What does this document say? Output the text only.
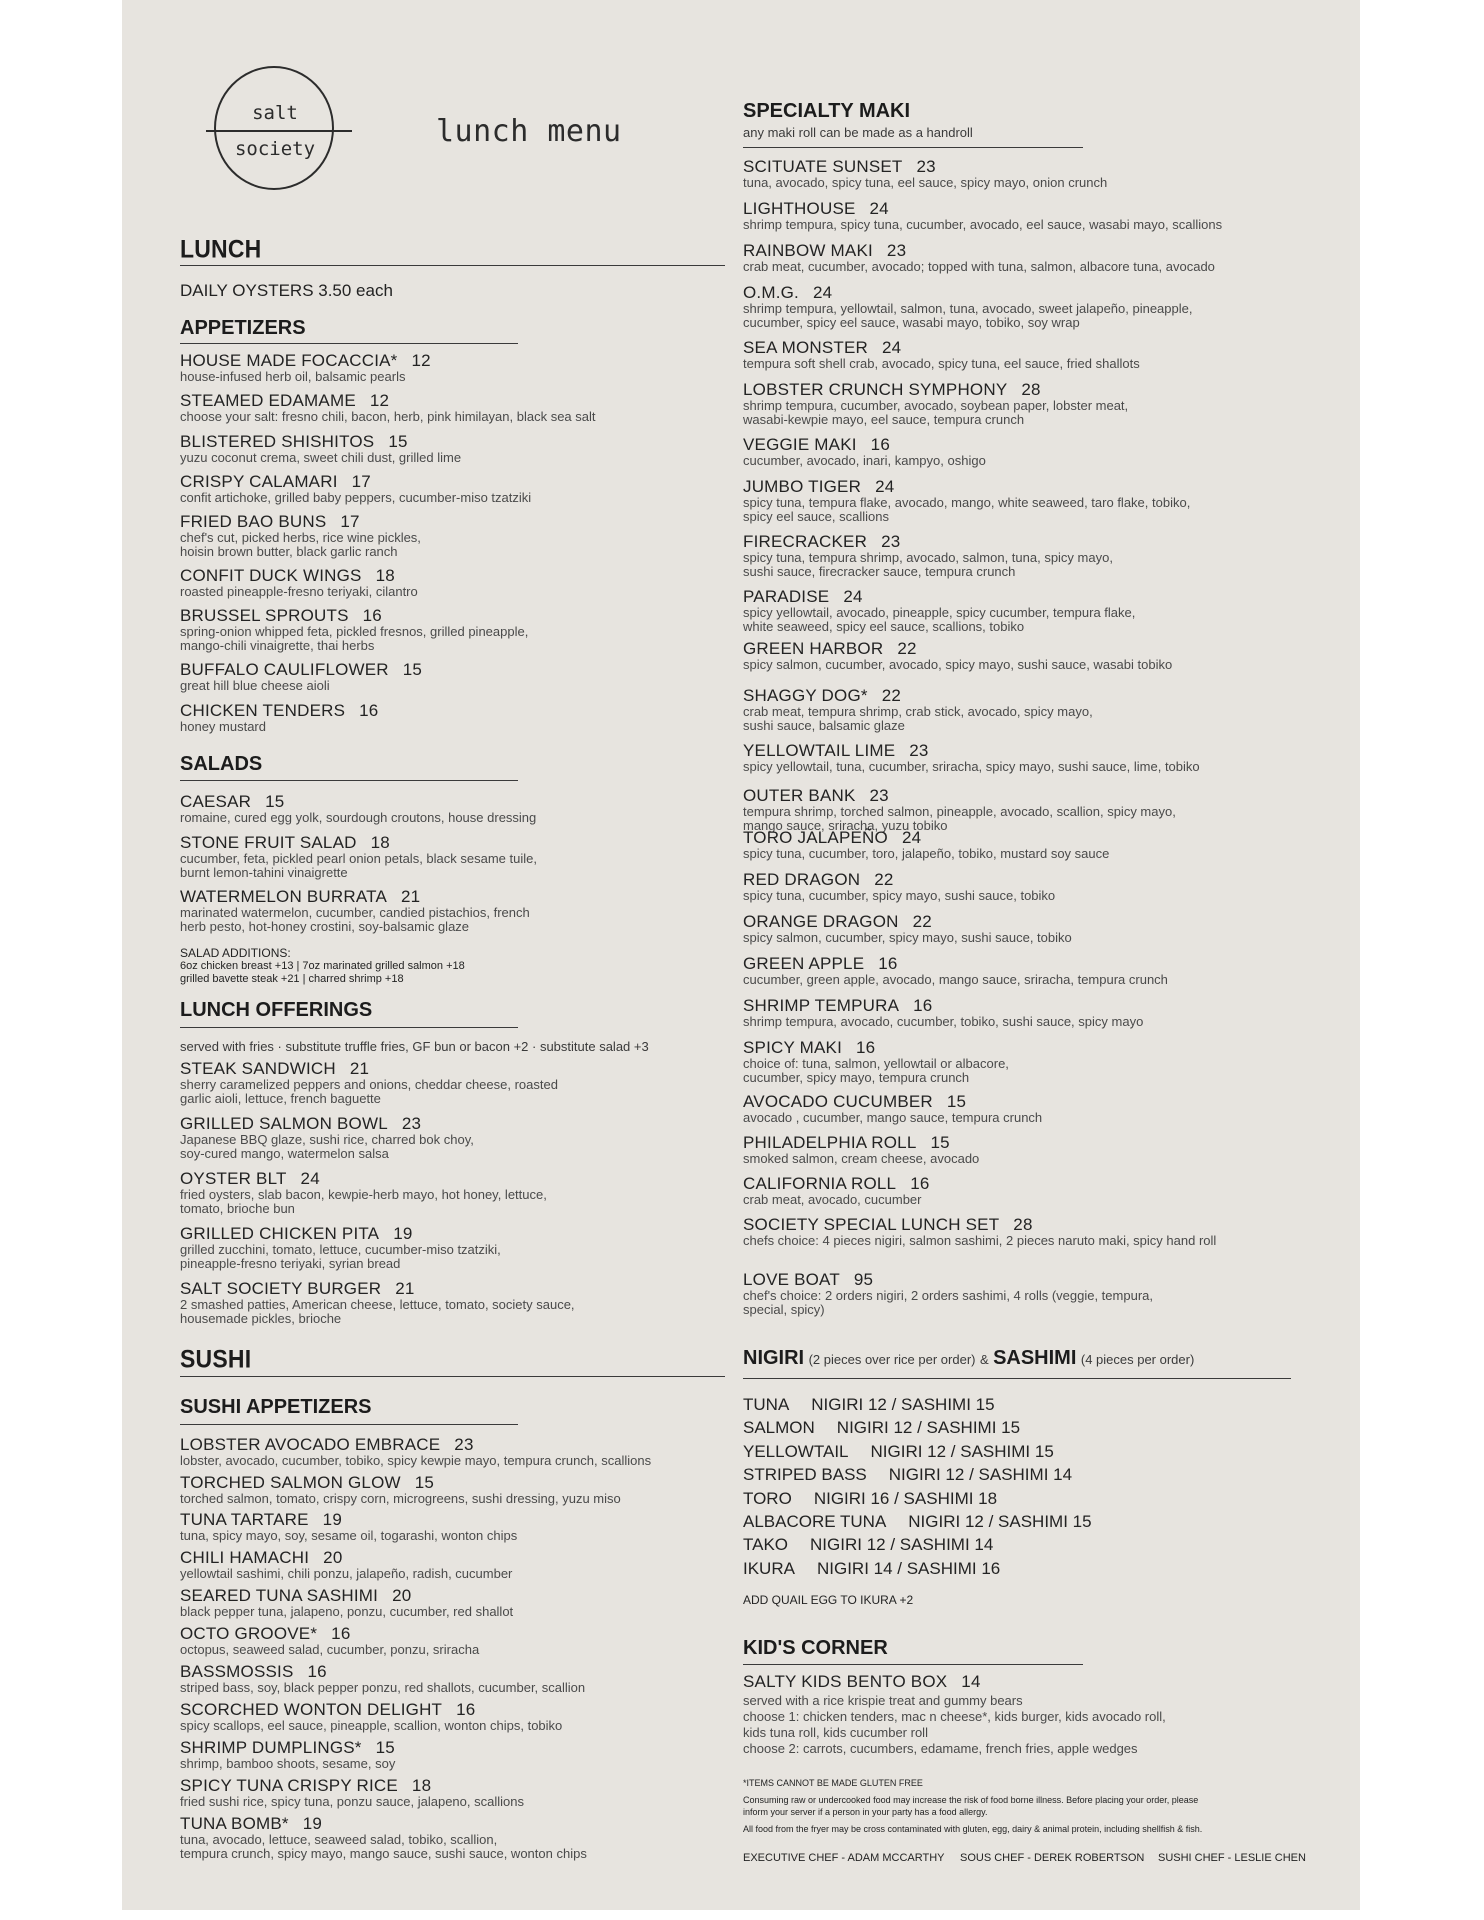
salt
society	lunch menu
LUNCH
DAILY OYSTERS 3.50 each
APPETIZERS
HOUSE MADE FOCACCIA* 12
house-infused herb oil, balsamic pearls
STEAMED EDAMAME 12
choose your salt: fresno chili, bacon, herb, pink himilayan, black sea salt
BLISTERED SHISHITOS 15
yuzu coconut crema, sweet chili dust, grilled lime
CRISPY CALAMARI 17
confit artichoke, grilled baby peppers, cucumber-miso tzatziki
FRIED BAO BUNS 17
chef's cut, picked herbs, rice wine pickles,
hoisin brown butter, black garlic ranch
CONFIT DUCK WINGS 18
roasted pineapple-fresno teriyaki, cilantro
BRUSSEL SPROUTS 16
spring-onion whipped feta, pickled fresnos, grilled pineapple,
mango-chili vinaigrette, thai herbs
BUFFALO CAULIFLOWER 15
great hill blue cheese aioli
CHICKEN TENDERS 16
honey mustard
SALADS
CAESAR 15
romaine, cured egg yolk, sourdough croutons, house dressing
STONE FRUIT SALAD 18
cucumber, feta, pickled pearl onion petals, black sesame tuile,
burnt lemon-tahini vinaigrette
WATERMELON BURRATA 21
marinated watermelon, cucumber, candied pistachios, french
herb pesto, hot-honey crostini, soy-balsamic glaze
SALAD ADDITIONS:
6oz chicken breast +13 | 7oz marinated grilled salmon +18
grilled bavette steak +21 | charred shrimp +18
LUNCH OFFERINGS
served with fries · substitute truffle fries, GF bun or bacon +2 · substitute salad +3
STEAK SANDWICH 21
sherry caramelized peppers and onions, cheddar cheese, roasted
garlic aioli, lettuce, french baguette
GRILLED SALMON BOWL 23
Japanese BBQ glaze, sushi rice, charred bok choy,
soy-cured mango, watermelon salsa
OYSTER BLT 24
fried oysters, slab bacon, kewpie-herb mayo, hot honey, lettuce,
tomato, brioche bun
GRILLED CHICKEN PITA 19
grilled zucchini, tomato, lettuce, cucumber-miso tzatziki,
pineapple-fresno teriyaki, syrian bread
SALT SOCIETY BURGER 21
2 smashed patties, American cheese, lettuce, tomato, society sauce,
housemade pickles, brioche
SUSHI
SUSHI APPETIZERS
LOBSTER AVOCADO EMBRACE 23
lobster, avocado, cucumber, tobiko, spicy kewpie mayo, tempura crunch, scallions
TORCHED SALMON GLOW 15
torched salmon, tomato, crispy corn, microgreens, sushi dressing, yuzu miso
TUNA TARTARE 19
tuna, spicy mayo, soy, sesame oil, togarashi, wonton chips
CHILI HAMACHI 20
yellowtail sashimi, chili ponzu, jalapeño, radish, cucumber
SEARED TUNA SASHIMI 20
black pepper tuna, jalapeno, ponzu, cucumber, red shallot
OCTO GROOVE* 16
octopus, seaweed salad, cucumber, ponzu, sriracha
BASSMOSSIS 16
striped bass, soy, black pepper ponzu, red shallots, cucumber, scallion
SCORCHED WONTON DELIGHT 16
spicy scallops, eel sauce, pineapple, scallion, wonton chips, tobiko
SHRIMP DUMPLINGS* 15
shrimp, bamboo shoots, sesame, soy
SPICY TUNA CRISPY RICE 18
fried sushi rice, spicy tuna, ponzu sauce, jalapeno, scallions
TUNA BOMB* 19
tuna, avocado, lettuce, seaweed salad, tobiko, scallion,
tempura crunch, spicy mayo, mango sauce, sushi sauce, wonton chips
SPECIALTY MAKI
any maki roll can be made as a handroll
SCITUATE SUNSET 23
tuna, avocado, spicy tuna, eel sauce, spicy mayo, onion crunch
LIGHTHOUSE 24
shrimp tempura, spicy tuna, cucumber, avocado, eel sauce, wasabi mayo, scallions
RAINBOW MAKI 23
crab meat, cucumber, avocado; topped with tuna, salmon, albacore tuna, avocado
O.M.G. 24
shrimp tempura, yellowtail, salmon, tuna, avocado, sweet jalapeño, pineapple,
cucumber, spicy eel sauce, wasabi mayo, tobiko, soy wrap
SEA MONSTER 24
tempura soft shell crab, avocado, spicy tuna, eel sauce, fried shallots
LOBSTER CRUNCH SYMPHONY 28
shrimp tempura, cucumber, avocado, soybean paper, lobster meat,
wasabi-kewpie mayo, eel sauce, tempura crunch
VEGGIE MAKI 16
cucumber, avocado, inari, kampyo, oshigo
JUMBO TIGER 24
spicy tuna, tempura flake, avocado, mango, white seaweed, taro flake, tobiko,
spicy eel sauce, scallions
FIRECRACKER 23
spicy tuna, tempura shrimp, avocado, salmon, tuna, spicy mayo,
sushi sauce, firecracker sauce, tempura crunch
PARADISE 24
spicy yellowtail, avocado, pineapple, spicy cucumber, tempura flake,
white seaweed, spicy eel sauce, scallions, tobiko
GREEN HARBOR 22
spicy salmon, cucumber, avocado, spicy mayo, sushi sauce, wasabi tobiko
SHAGGY DOG* 22
crab meat, tempura shrimp, crab stick, avocado, spicy mayo,
sushi sauce, balsamic glaze
YELLOWTAIL LIME 23
spicy yellowtail, tuna, cucumber, sriracha, spicy mayo, sushi sauce, lime, tobiko
OUTER BANK 23
tempura shrimp, torched salmon, pineapple, avocado, scallion, spicy mayo,
mango sauce, sriracha, yuzu tobiko
TORO JALAPEÑO 24
spicy tuna, cucumber, toro, jalapeño, tobiko, mustard soy sauce
RED DRAGON 22
spicy tuna, cucumber, spicy mayo, sushi sauce, tobiko
ORANGE DRAGON 22
spicy salmon, cucumber, spicy mayo, sushi sauce, tobiko
GREEN APPLE 16
cucumber, green apple, avocado, mango sauce, sriracha, tempura crunch
SHRIMP TEMPURA 16
shrimp tempura, avocado, cucumber, tobiko, sushi sauce, spicy mayo
SPICY MAKI 16
choice of: tuna, salmon, yellowtail or albacore,
cucumber, spicy mayo, tempura crunch
AVOCADO CUCUMBER 15
avocado , cucumber, mango sauce, tempura crunch
PHILADELPHIA ROLL 15
smoked salmon, cream cheese, avocado
CALIFORNIA ROLL 16
crab meat, avocado, cucumber
SOCIETY SPECIAL LUNCH SET 28
chefs choice: 4 pieces nigiri, salmon sashimi, 2 pieces naruto maki, spicy hand roll
LOVE BOAT 95
chef's choice: 2 orders nigiri, 2 orders sashimi, 4 rolls (veggie, tempura,
special, spicy)
NIGIRI (2 pieces over rice per order) & SASHIMI (4 pieces per order)
TUNA NIGIRI 12 / SASHIMI 15
SALMON NIGIRI 12 / SASHIMI 15
YELLOWTAIL NIGIRI 12 / SASHIMI 15
STRIPED BASS NIGIRI 12 / SASHIMI 14
TORO NIGIRI 16 / SASHIMI 18
ALBACORE TUNA NIGIRI 12 / SASHIMI 15
TAKO NIGIRI 12 / SASHIMI 14
IKURA NIGIRI 14 / SASHIMI 16
ADD QUAIL EGG TO IKURA +2
KID'S CORNER
SALTY KIDS BENTO BOX 14
served with a rice krispie treat and gummy bears
choose 1: chicken tenders, mac n cheese*, kids burger, kids avocado roll,
kids tuna roll, kids cucumber roll
choose 2: carrots, cucumbers, edamame, french fries, apple wedges
*ITEMS CANNOT BE MADE GLUTEN FREE
Consuming raw or undercooked food may increase the risk of food borne illness. Before placing your order, please
inform your server if a person in your party has a food allergy.
All food from the fryer may be cross contaminated with gluten, egg, dairy & animal protein, including shellfish & fish.
EXECUTIVE CHEF - ADAM MCCARTHY SOUS CHEF - DEREK ROBERTSON SUSHI CHEF - LESLIE CHEN
